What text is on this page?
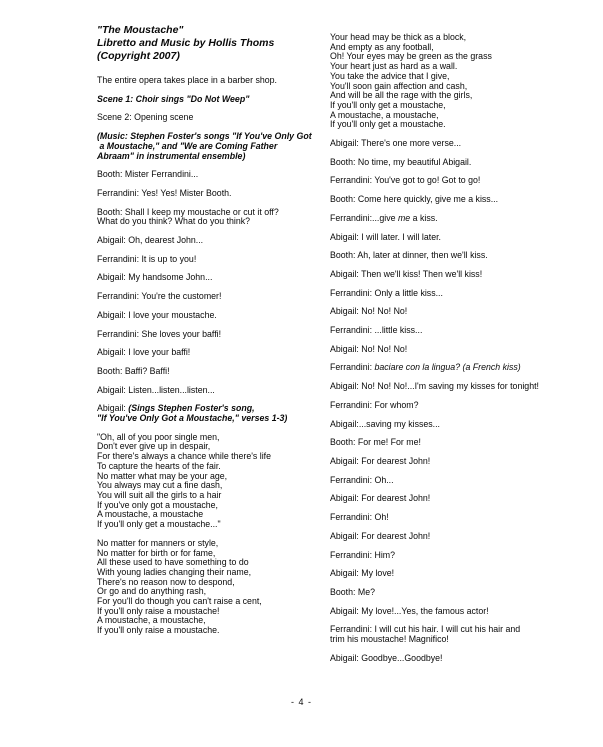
"The Moustache"
Libretto and Music by Hollis Thoms
(Copyright 2007)
The entire opera takes place in a barber shop.
Scene 1: Choir sings "Do Not Weep"
Scene 2: Opening scene
(Music: Stephen Foster's songs "If You've Only Got
a Moustache," and "We are Coming Father
Abraam" in instrumental ensemble)
Booth: Mister Ferrandini...
Ferrandini: Yes! Yes! Mister Booth.
Booth: Shall I keep my moustache or cut it off?
What do you think? What do you think?
Abigail: Oh, dearest John...
Ferrandini: It is up to you!
Abigail: My handsome John...
Ferrandini: You're the customer!
Abigail: I love your moustache.
Ferrandini: She loves your baffi!
Abigail: I love your baffi!
Booth: Baffi? Baffi!
Abigail: Listen...listen...listen...
Abigail: (Sings Stephen Foster's song,
"If You've Only Got a Moustache," verses 1-3)
"Oh, all of you poor single men,
Don't ever give up in despair,
For there's always a chance while there's life
To capture the hearts of the fair.
No matter what may be your age,
You always may cut a fine dash,
You will suit all the girls to a hair
If you've only got a moustache,
A moustache, a moustache
If you'll only get a moustache..."
No matter for manners or style,
No matter for birth or for fame,
All these used to have something to do
With young ladies changing their name,
There's no reason now to despond,
Or go and do anything rash,
For you'll do though you can't raise a cent,
If you'll only raise a moustache!
A moustache, a moustache,
If you'll only raise a moustache.
Your head may be thick as a block,
And empty as any football,
Oh! Your eyes may be green as the grass
Your heart just as hard as a wall.
You take the advice that I give,
You'll soon gain affection and cash,
And will be all the rage with the girls,
If you'll only get a moustache,
A moustache, a moustache,
If you'll only get a moustache.
Abigail: There's one more verse...
Booth: No time, my beautiful Abigail.
Ferrandini: You've got to go! Got to go!
Booth: Come here quickly, give me a kiss...
Ferrandini:...give me a kiss.
Abigail: I will later. I will later.
Booth: Ah, later at dinner, then we'll kiss.
Abigail: Then we'll kiss! Then we'll kiss!
Ferrandini: Only a little kiss...
Abigail: No! No! No!
Ferrandini: ...little kiss...
Abigail: No! No! No!
Ferrandini: baciare con la lingua? (a French kiss)
Abigail: No! No! No!...I'm saving my kisses for tonight!
Ferrandini: For whom?
Abigail:...saving my kisses...
Booth: For me! For me!
Abigail: For dearest John!
Ferrandini: Oh...
Abigail: For dearest John!
Ferrandini: Oh!
Abigail: For dearest John!
Ferrandini: Him?
Abigail: My love!
Booth: Me?
Abigail: My love!...Yes, the famous actor!
Ferrandini: I will cut his hair. I will cut his hair and
trim his moustache! Magnifico!
Abigail: Goodbye...Goodbye!
- 4 -
